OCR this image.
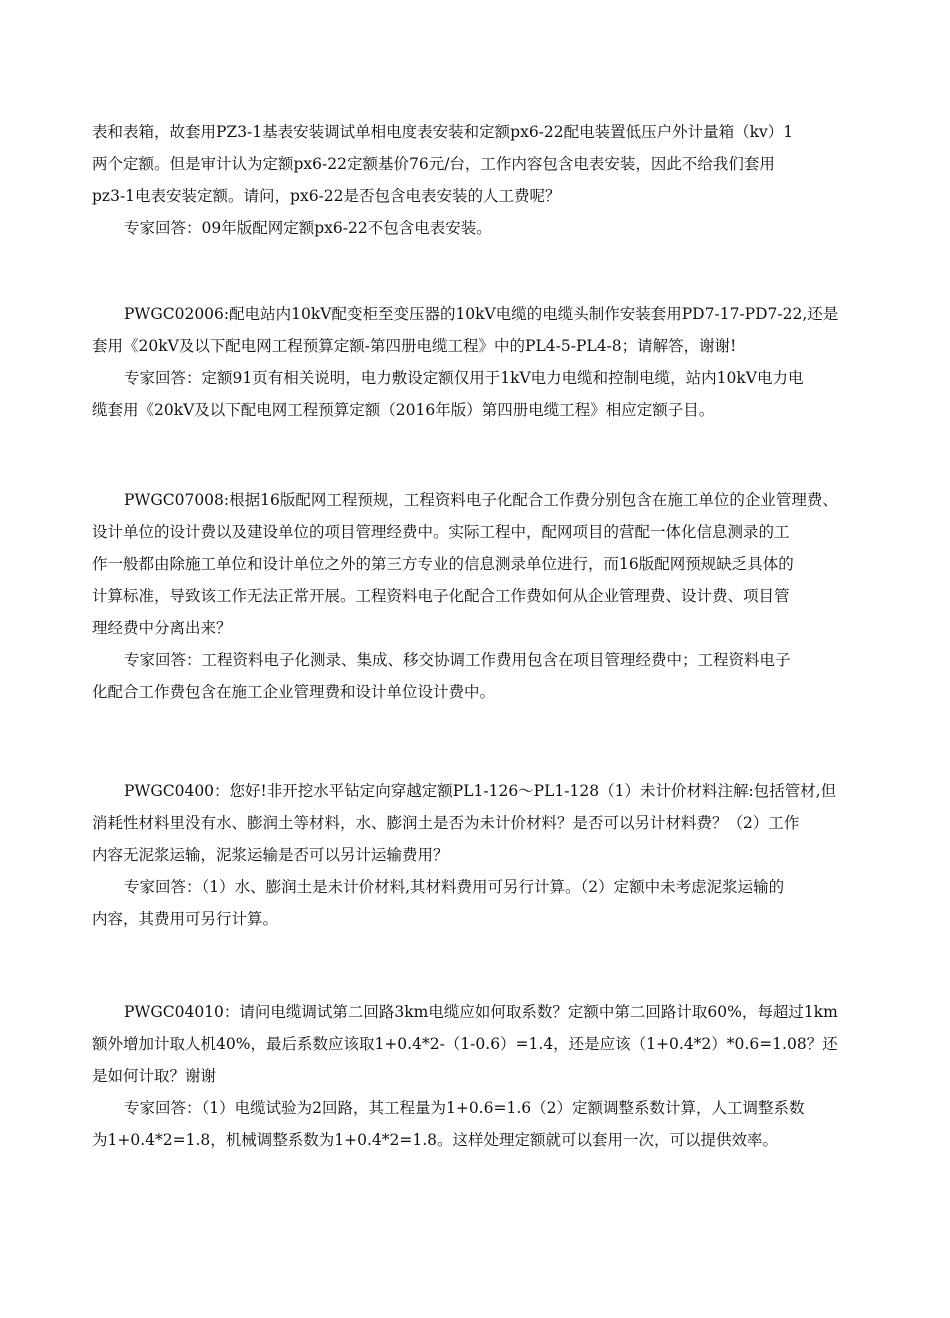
表和表箱，故套用PZ3-1基表安装调试单相电度表安装和定额px6-22配电装置低压户外计量箱（kv）1
两个定额。但是审计认为定额px6-22定额基价76元/台，工作内容包含电表安装，因此不给我们套用
pz3-1电表安装定额。请问，px6-22是否包含电表安装的人工费呢？
专家回答：09年版配网定额px6-22不包含电表安装。
PWGC02006:配电站内10kV配变柜至变压器的10kV电缆的电缆头制作安装套用PD7-17-PD7-22,还是
套用《20kV及以下配电网工程预算定额-第四册电缆工程》中的PL4-5-PL4-8；请解答，谢谢!
专家回答：定额91页有相关说明，电力敷设定额仅用于1kV电力电缆和控制电缆，站内10kV电力电
缆套用《20kV及以下配电网工程预算定额（2016年版）第四册电缆工程》相应定额子目。
PWGC07008:根据16版配网工程预规，工程资料电子化配合工作费分别包含在施工单位的企业管理费、
设计单位的设计费以及建设单位的项目管理经费中。实际工程中，配网项目的营配一体化信息测录的工
作一般都由除施工单位和设计单位之外的第三方专业的信息测录单位进行，而16版配网预规缺乏具体的
计算标准，导致该工作无法正常开展。工程资料电子化配合工作费如何从企业管理费、设计费、项目管
理经费中分离出来？
专家回答：工程资料电子化测录、集成、移交协调工作费用包含在项目管理经费中；工程资料电子
化配合工作费包含在施工企业管理费和设计单位设计费中。
PWGC0400：您好!非开挖水平钻定向穿越定额PL1-126～PL1-128（1）未计价材料注解:包括管材,但
消耗性材料里没有水、膨润土等材料，水、膨润土是否为未计价材料？是否可以另计材料费？（2）工作
内容无泥浆运输，泥浆运输是否可以另计运输费用？
专家回答：（1）水、膨润土是未计价材料,其材料费用可另行计算。（2）定额中未考虑泥浆运输的
内容，其费用可另行计算。
PWGC04010：请问电缆调试第二回路3km电缆应如何取系数？定额中第二回路计取60%，每超过1km
额外增加计取人机40%，最后系数应该取1+0.4*2-（1-0.6）=1.4，还是应该（1+0.4*2）*0.6=1.08？还
是如何计取？谢谢
专家回答：（1）电缆试验为2回路，其工程量为1+0.6=1.6（2）定额调整系数计算，人工调整系数
为1+0.4*2=1.8，机械调整系数为1+0.4*2=1.8。这样处理定额就可以套用一次，可以提供效率。
